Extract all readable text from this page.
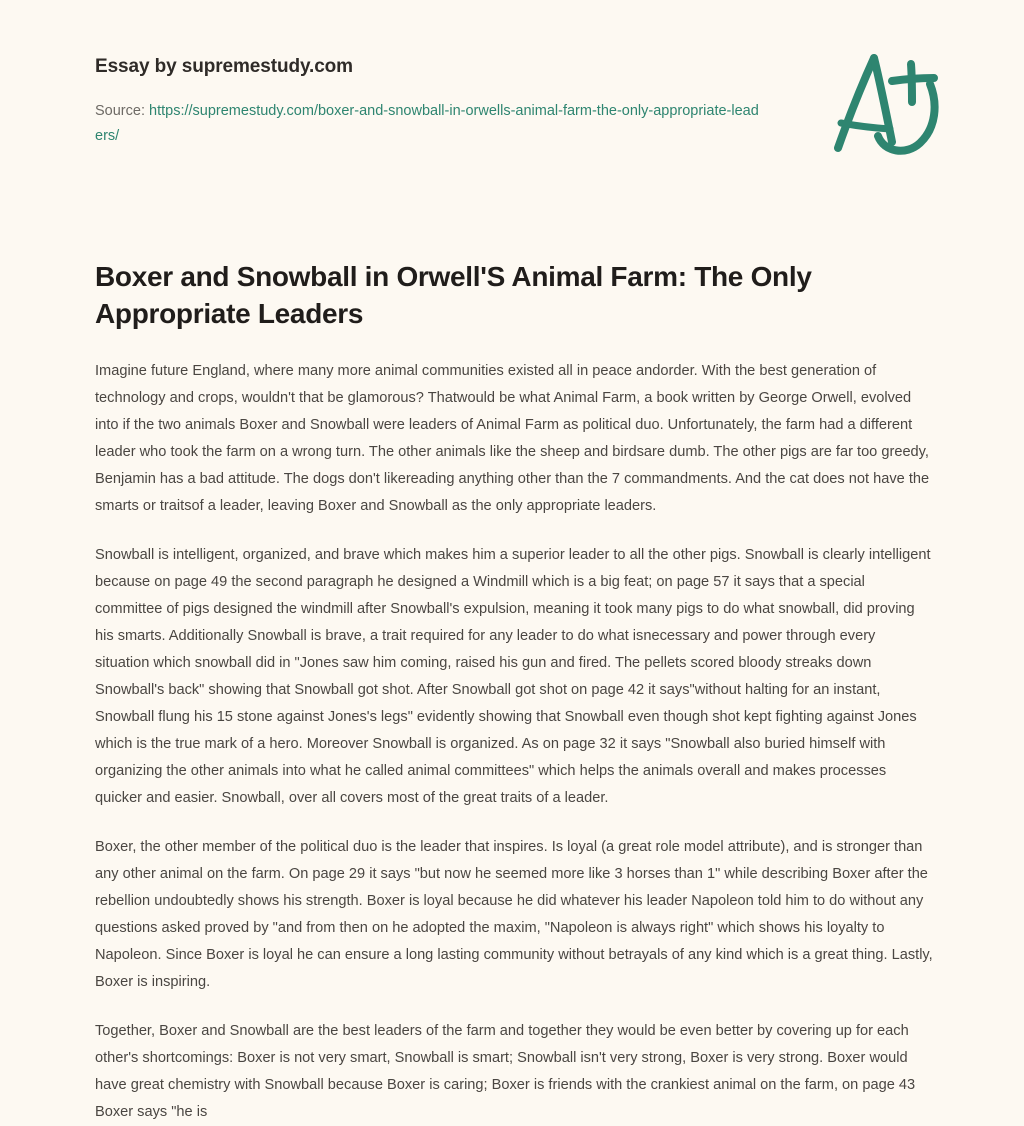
Essay by supremestudy.com
Source: https://supremestudy.com/boxer-and-snowball-in-orwells-animal-farm-the-only-appropriate-leaders/
Boxer and Snowball in Orwell'S Animal Farm: The Only Appropriate Leaders

Imagine future England, where many more animal communities existed all in peace andorder. With the best generation of technology and crops, wouldn't that be glamorous? Thatwould be what Animal Farm, a book written by George Orwell, evolved into if the two animals Boxer and Snowball were leaders of Animal Farm as political duo. Unfortunately, the farm had a different leader who took the farm on a wrong turn. The other animals like the sheep and birdsare dumb. The other pigs are far too greedy, Benjamin has a bad attitude. The dogs don't likereading anything other than the 7 commandments. And the cat does not have the smarts or traitsof a leader, leaving Boxer and Snowball as the only appropriate leaders.

Snowball is intelligent, organized, and brave which makes him a superior leader to all the other pigs. Snowball is clearly intelligent because on page 49 the second paragraph he designed a Windmill which is a big feat; on page 57 it says that a special committee of pigs designed the windmill after Snowball's expulsion, meaning it took many pigs to do what snowball, did proving his smarts. Additionally Snowball is brave, a trait required for any leader to do what isnecessary and power through every situation which snowball did in "Jones saw him coming, raised his gun and fired. The pellets scored bloody streaks down Snowball's back" showing that Snowball got shot. After Snowball got shot on page 42 it says"without halting for an instant, Snowball flung his 15 stone against Jones's legs" evidently showing that Snowball even though shot kept fighting against Jones which is the true mark of a hero. Moreover Snowball is organized. As on page 32 it says "Snowball also buried himself with organizing the other animals into what he called animal committees" which helps the animals overall and makes processes quicker and easier. Snowball, over all covers most of the great traits of a leader.

Boxer, the other member of the political duo is the leader that inspires. Is loyal (a great role model attribute), and is stronger than any other animal on the farm. On page 29 it says "but now he seemed more like 3 horses than 1" while describing Boxer after the rebellion undoubtedly shows his strength. Boxer is loyal because he did whatever his leader Napoleon told him to do without any questions asked proved by "and from then on he adopted the maxim, "Napoleon is always right" which shows his loyalty to Napoleon. Since Boxer is loyal he can ensure a long lasting community without betrayals of any kind which is a great thing. Lastly, Boxer is inspiring.

Together, Boxer and Snowball are the best leaders of the farm and together they would be even better by covering up for each other's shortcomings: Boxer is not very smart, Snowball is smart; Snowball isn't very strong, Boxer is very strong. Boxer would have great chemistry with Snowball because Boxer is caring; Boxer is friends with the crankiest animal on the farm, on page 43 Boxer says "he is
